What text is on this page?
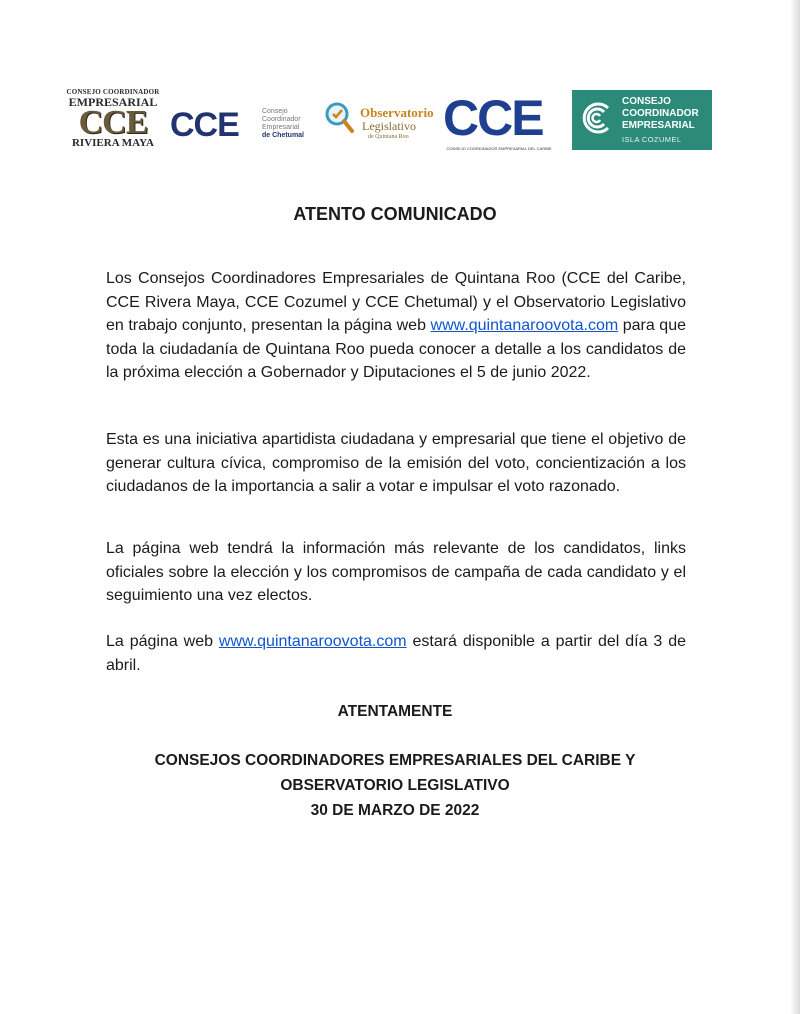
CONSEJO COORDINADOR
EMPRESARIAL
CCE
RIVIERA MAYA CCE	Consejo
Coordinador
Empresarial
de Chetumal
Observatorio
Legislativo
de Quintana Roo CCE
CONSEJO COORDINADOR EMPRESARIAL DEL CARIBE
CONSEJO
COORDINADOR
EMPRESARIAL
ISLA COZUMEL
ATENTO COMUNICADO

Los Consejos Coordinadores Empresariales de Quintana Roo (CCE del Caribe, CCE Rivera Maya, CCE Cozumel y CCE Chetumal) y el Observatorio Legislativo en trabajo conjunto, presentan la página web www.quintanaroovota.com para que toda la ciudadanía de Quintana Roo pueda conocer a detalle a los candidatos de la próxima elección a Gobernador y Diputaciones el 5 de junio 2022.

Esta es una iniciativa apartidista ciudadana y empresarial que tiene el objetivo de generar cultura cívica, compromiso de la emisión del voto, concientización a los ciudadanos de la importancia a salir a votar e impulsar el voto razonado.

La página web tendrá la información más relevante de los candidatos, links oficiales sobre la elección y los compromisos de campaña de cada candidato y el seguimiento una vez electos.

La página web www.quintanaroovota.com estará disponible a partir del día 3 de abril.

ATENTAMENTE
CONSEJOS COORDINADORES EMPRESARIALES DEL CARIBE Y
OBSERVATORIO LEGISLATIVO
30 DE MARZO DE 2022
